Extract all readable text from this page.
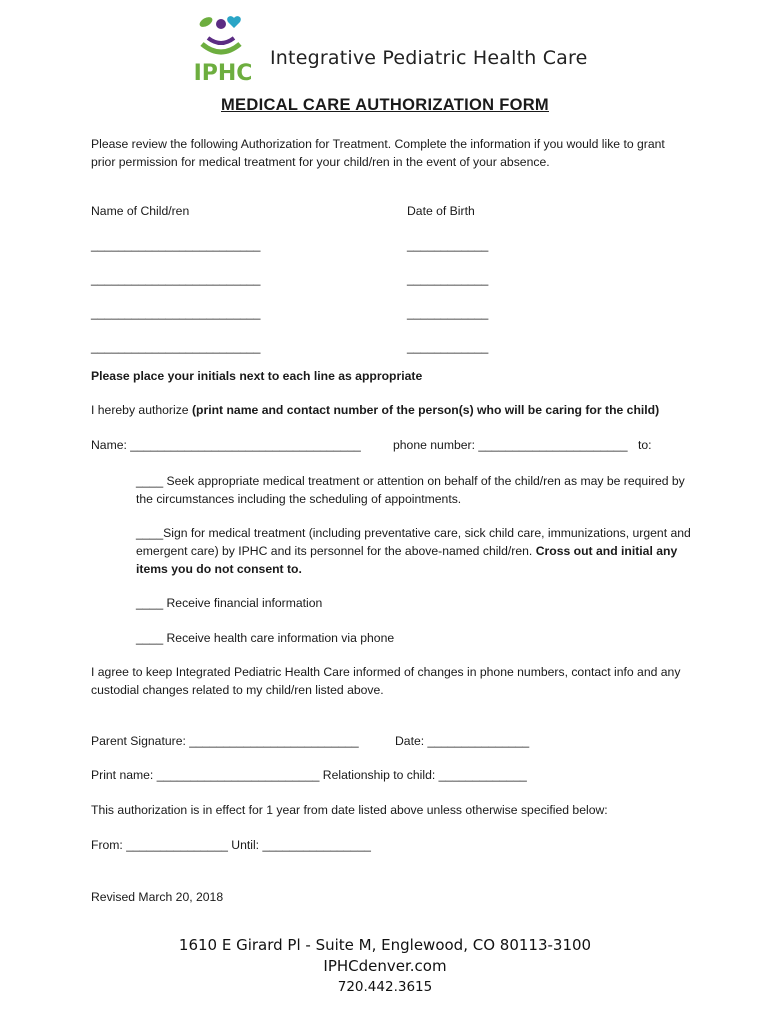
IPHC
Integrative Pediatric Health Care
MEDICAL CARE AUTHORIZATION FORM
Please review the following Authorization for Treatment. Complete the information if you would like to grant prior permission for medical treatment for your child/ren in the event of your absence.
Name of Child/ren	Date of Birth
_________________________	____________
_________________________	____________
_________________________	____________
_________________________	____________
Please place your initials next to each line as appropriate
I hereby authorize (print name and contact number of the person(s) who will be caring for the child)
Name: __________________________________	phone number: ______________________ to:
____ Seek appropriate medical treatment or attention on behalf of the child/ren as may be required by the circumstances including the scheduling of appointments.
____Sign for medical treatment (including preventative care, sick child care, immunizations, urgent and emergent care) by IPHC and its personnel for the above-named child/ren. Cross out and initial any items you do not consent to.
____ Receive financial information
____ Receive health care information via phone
I agree to keep Integrated Pediatric Health Care informed of changes in phone numbers, contact info and any custodial changes related to my child/ren listed above.
Parent Signature: _________________________	Date: _______________
Print name: ________________________ Relationship to child: _____________
This authorization is in effect for 1 year from date listed above unless otherwise specified below:
From: _______________ Until: ________________
Revised March 20, 2018
1610 E Girard Pl - Suite M, Englewood, CO 80113-3100
IPHCdenver.com
720.442.3615
